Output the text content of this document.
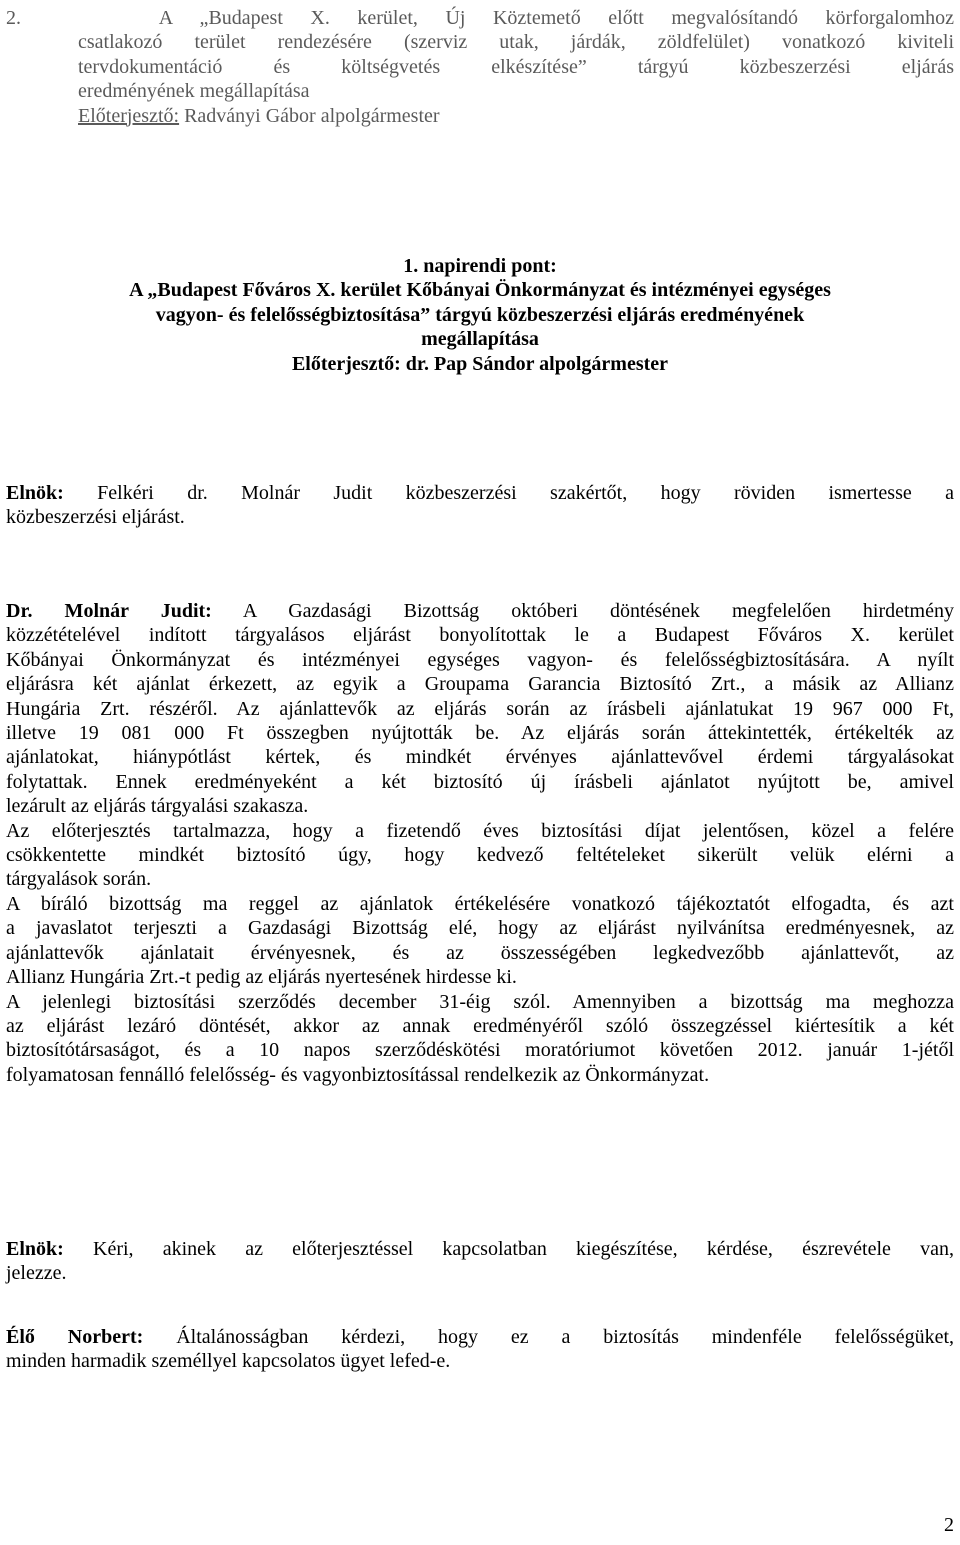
2.	A „Budapest X. kerület, Új Köztemető előtt megvalósítandó körforgalomhoz
csatlakozó terület rendezésére (szerviz utak, járdák, zöldfelület) vonatkozó kiviteli
tervdokumentáció és költségvetés elkészítése” tárgyú közbeszerzési eljárás
eredményének megállapítása
Előterjesztő: Radványi Gábor alpolgármester
1. napirendi pont:
A „Budapest Főváros X. kerület Kőbányai Önkormányzat és intézményei egységes
vagyon- és felelősségbiztosítása” tárgyú közbeszerzési eljárás eredményének
megállapítása
Előterjesztő: dr. Pap Sándor alpolgármester
Elnök: Felkéri dr. Molnár Judit közbeszerzési szakértőt, hogy röviden ismertesse a
közbeszerzési eljárást.
Dr. Molnár Judit: A Gazdasági Bizottság októberi döntésének megfelelően hirdetmény
közzétételével indított tárgyalásos eljárást bonyolítottak le a Budapest Főváros X. kerület
Kőbányai Önkormányzat és intézményei egységes vagyon- és felelősségbiztosítására. A nyílt
eljárásra két ajánlat érkezett, az egyik a Groupama Garancia Biztosító Zrt., a másik az Allianz
Hungária Zrt. részéről. Az ajánlattevők az eljárás során az írásbeli ajánlatukat 19 967 000 Ft,
illetve 19 081 000 Ft összegben nyújtották be. Az eljárás során áttekintették, értékelték az
ajánlatokat, hiánypótlást kértek, és mindkét érvényes ajánlattevővel érdemi tárgyalásokat
folytattak. Ennek eredményeként a két biztosító új írásbeli ajánlatot nyújtott be, amivel
lezárult az eljárás tárgyalási szakasza.
Az előterjesztés tartalmazza, hogy a fizetendő éves biztosítási díjat jelentősen, közel a felére
csökkentette mindkét biztosító úgy, hogy kedvező feltételeket sikerült velük elérni a
tárgyalások során.
A bíráló bizottság ma reggel az ajánlatok értékelésére vonatkozó tájékoztatót elfogadta, és azt
a javaslatot terjeszti a Gazdasági Bizottság elé, hogy az eljárást nyilvánítsa eredményesnek, az
ajánlattevők ajánlatait érvényesnek, és az összességében legkedvezőbb ajánlattevőt, az
Allianz Hungária Zrt.-t pedig az eljárás nyertesének hirdesse ki.
A jelenlegi biztosítási szerződés december 31-éig szól. Amennyiben a bizottság ma meghozza
az eljárást lezáró döntését, akkor az annak eredményéről szóló összegzéssel kiértesítik a két
biztosítótársaságot, és a 10 napos szerződéskötési moratóriumot követően 2012. január 1-jétől
folyamatosan fennálló felelősség- és vagyonbiztosítással rendelkezik az Önkormányzat.
Elnök: Kéri, akinek az előterjesztéssel kapcsolatban kiegészítése, kérdése, észrevétele van,
jelezze.
Élő Norbert: Általánosságban kérdezi, hogy ez a biztosítás mindenféle felelősségüket,
minden harmadik személlyel kapcsolatos ügyet lefed-e.
2
